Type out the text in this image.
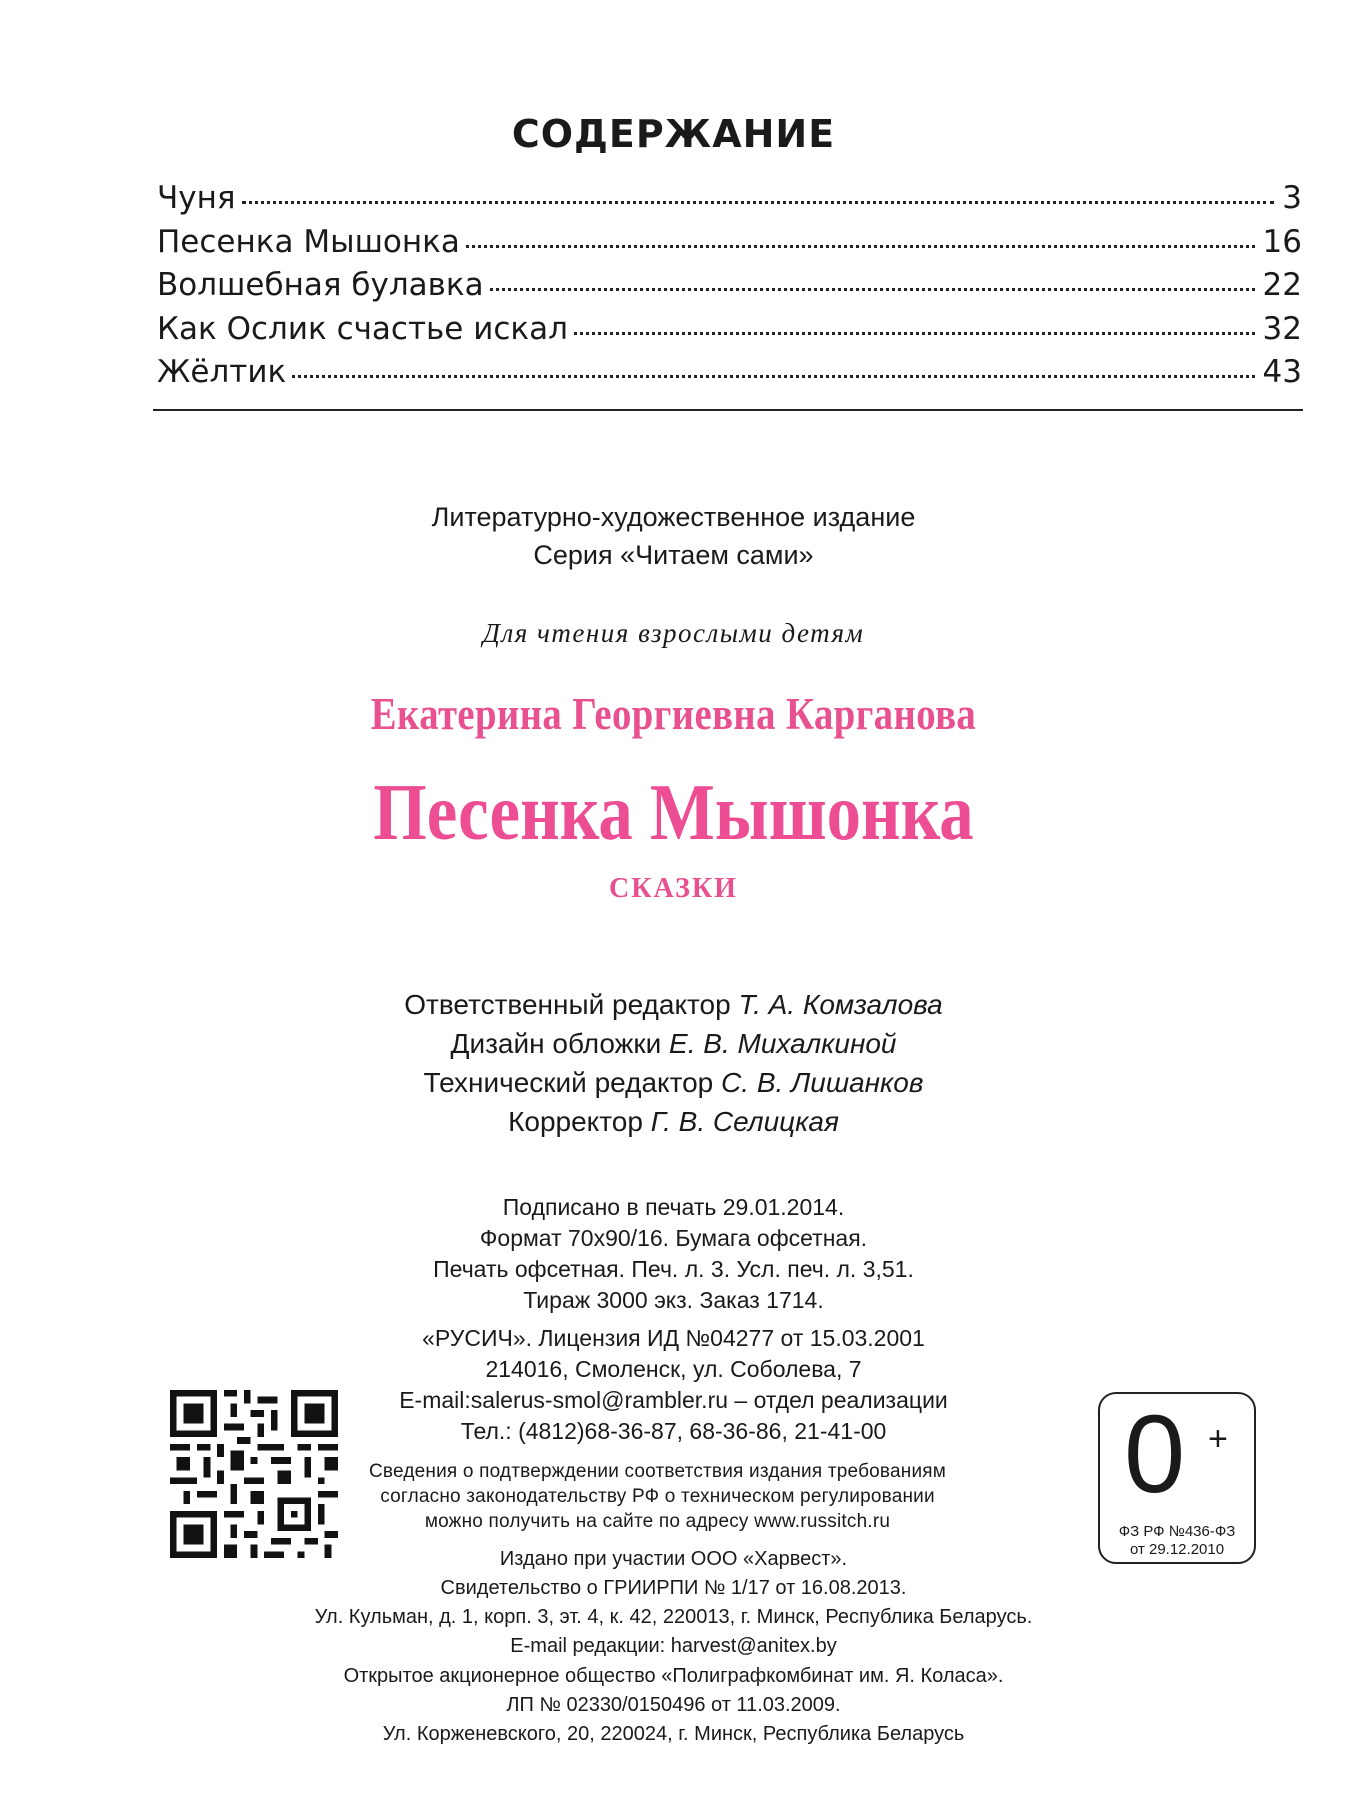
СОДЕРЖАНИЕ
Чуня	3
Песенка Мышонка	16
Волшебная булавка	22
Как Ослик счастье искал	32
Жёлтик	43
Литературно-художественное издание
Серия «Читаем сами»
Для чтения взрослыми детям
Екатерина Георгиевна Карганова
Песенка Мышонка
СКАЗКИ
Ответственный редактор Т. А. Комзалова
Дизайн обложки Е. В. Михалкиной
Технический редактор С. В. Лишанков
Корректор Г. В. Селицкая
Подписано в печать 29.01.2014.
Формат 70х90/16. Бумага офсетная.
Печать офсетная. Печ. л. 3. Усл. печ. л. 3,51.
Тираж 3000 экз. Заказ 1714.
«РУСИЧ». Лицензия ИД №04277 от 15.03.2001
214016, Смоленск, ул. Соболева, 7
E-mail:salerus-smol@rambler.ru – отдел реализации
Тел.: (4812)68-36-87, 68-36-86, 21-41-00	0 +
ФЗ РФ №436-ФЗ
от 29.12.2010
Сведения о подтверждении соответствия издания требованиям
согласно законодательству РФ о техническом регулировании
можно получить на сайте по адресу www.russitch.ru
Издано при участии ООО «Харвест».
Свидетельство о ГРИИРПИ № 1/17 от 16.08.2013.
Ул. Кульман, д. 1, корп. 3, эт. 4, к. 42, 220013, г. Минск, Республика Беларусь.
E-mail редакции: harvest@anitex.by
Открытое акционерное общество «Полиграфкомбинат им. Я. Коласа».
ЛП № 02330/0150496 от 11.03.2009.
Ул. Корженевского, 20, 220024, г. Минск, Республика Беларусь
